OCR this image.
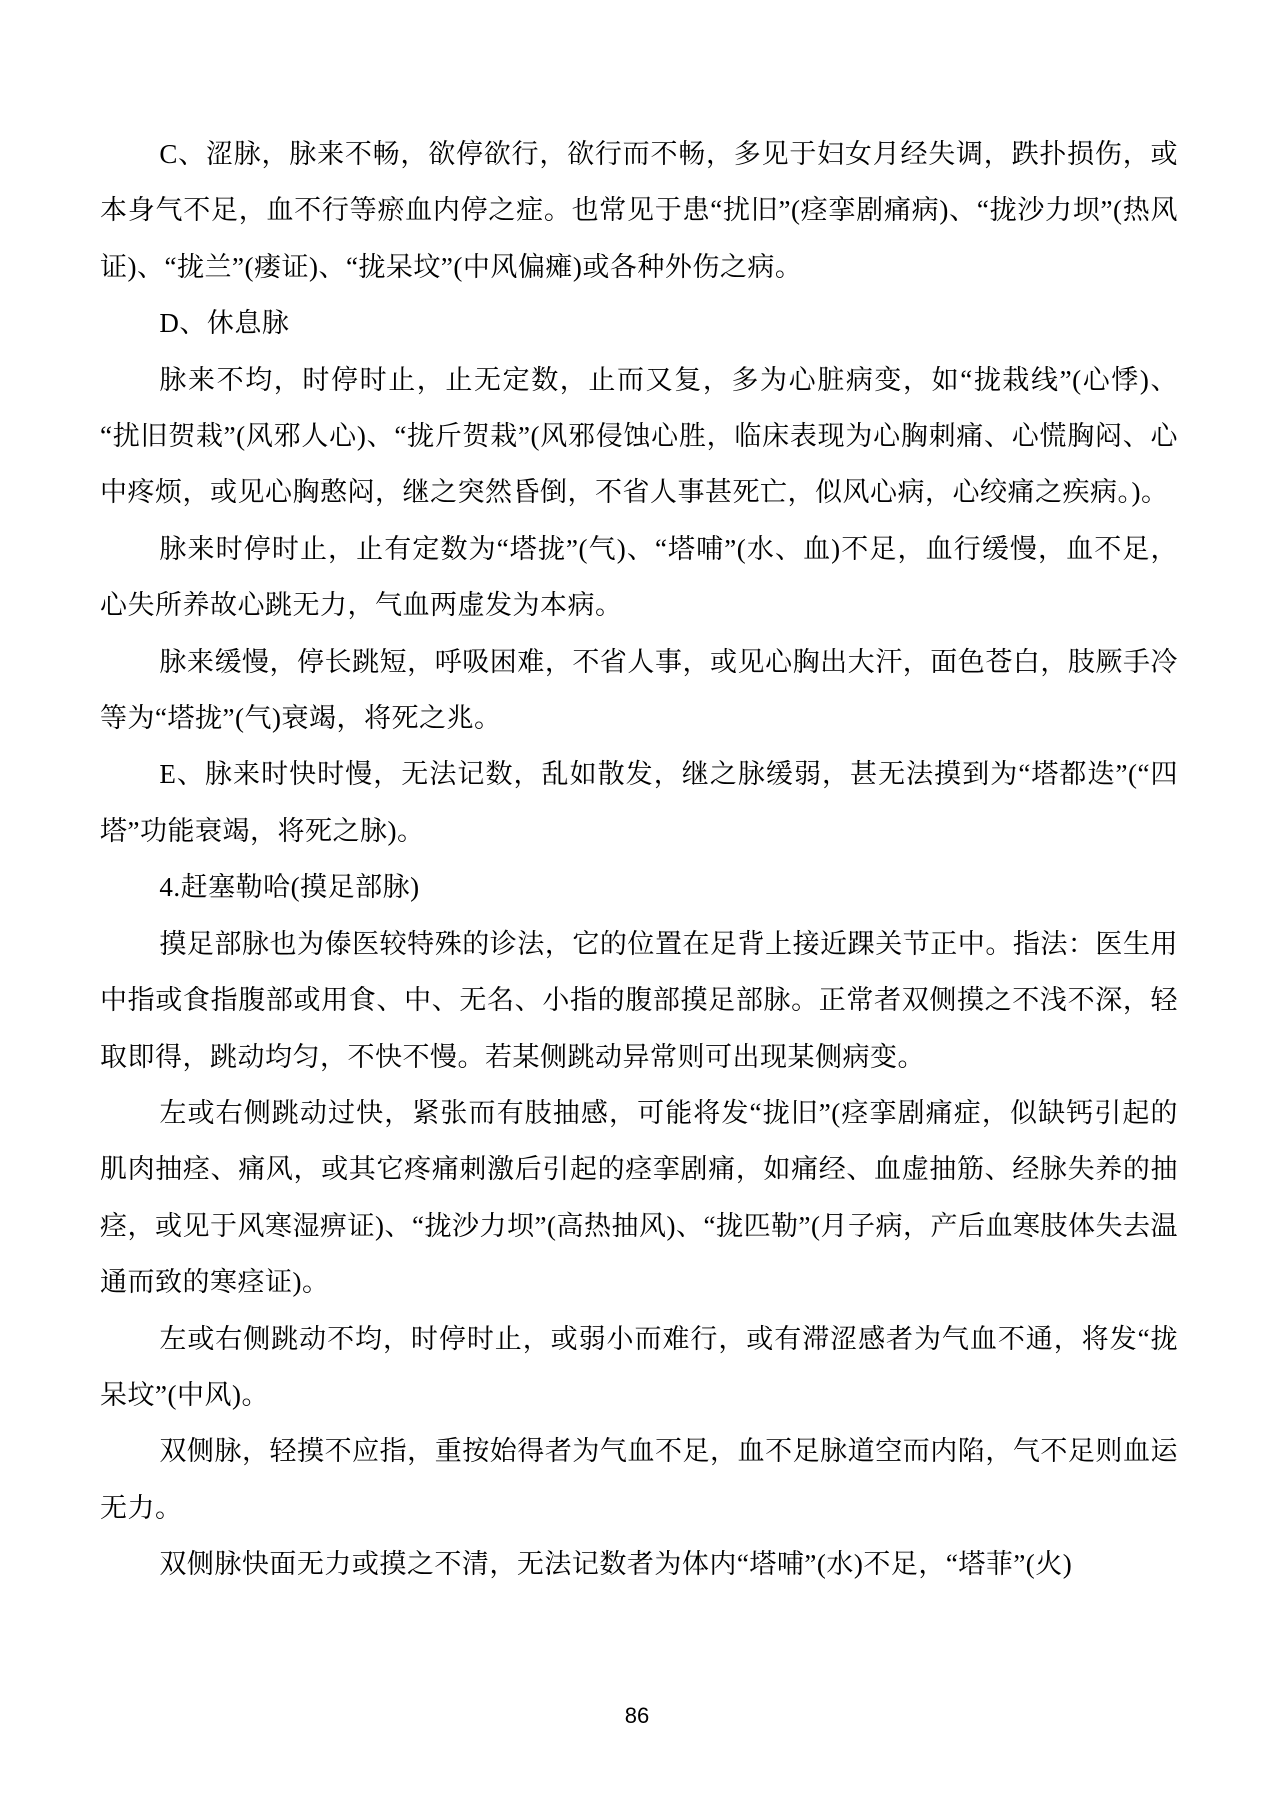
C、涩脉，脉来不畅，欲停欲行，欲行而不畅，多见于妇女月经失调，跌扑损伤，或本身气不足，血不行等瘀血内停之症。也常见于患“扰旧”(痉挛剧痛病)、“拢沙力坝”(热风证)、“拢兰”(瘘证)、“拢呆坟”(中风偏瘫)或各种外伤之病。

D、休息脉

脉来不均，时停时止，止无定数，止而又复，多为心脏病变，如“拢栽线”(心悸)、“扰旧贺栽”(风邪人心)、“拢斤贺栽”(风邪侵蚀心胜，临床表现为心胸刺痛、心慌胸闷、心中疼烦，或见心胸憨闷，继之突然昏倒，不省人事甚死亡，似风心病，心绞痛之疾病。)。

脉来时停时止，止有定数为“塔拢”(气)、“塔哺”(水、血)不足，血行缓慢，血不足，心失所养故心跳无力，气血两虚发为本病。

脉来缓慢，停长跳短，呼吸困难，不省人事，或见心胸出大汗，面色苍白，肢厥手冷等为“塔拢”(气)衰竭，将死之兆。

E、脉来时快时慢，无法记数，乱如散发，继之脉缓弱，甚无法摸到为“塔都迭”(“四塔”功能衰竭，将死之脉)。

4.赶塞勒哈(摸足部脉)

摸足部脉也为傣医较特殊的诊法，它的位置在足背上接近踝关节正中。指法：医生用中指或食指腹部或用食、中、无名、小指的腹部摸足部脉。正常者双侧摸之不浅不深，轻取即得，跳动均匀，不快不慢。若某侧跳动异常则可出现某侧病变。

左或右侧跳动过快，紧张而有肢抽感，可能将发“拢旧”(痉挛剧痛症，似缺钙引起的肌肉抽痉、痛风，或其它疼痛刺激后引起的痉挛剧痛，如痛经、血虚抽筋、经脉失养的抽痉，或见于风寒湿痹证)、“拢沙力坝”(高热抽风)、“拢匹勒”(月子病，产后血寒肢体失去温通而致的寒痉证)。

左或右侧跳动不均，时停时止，或弱小而难行，或有滞涩感者为气血不通，将发“拢呆坟”(中风)。

双侧脉，轻摸不应指，重按始得者为气血不足，血不足脉道空而内陷，气不足则血运无力。

双侧脉快面无力或摸之不清，无法记数者为体内“塔哺”(水)不足，“塔菲”(火)

86
